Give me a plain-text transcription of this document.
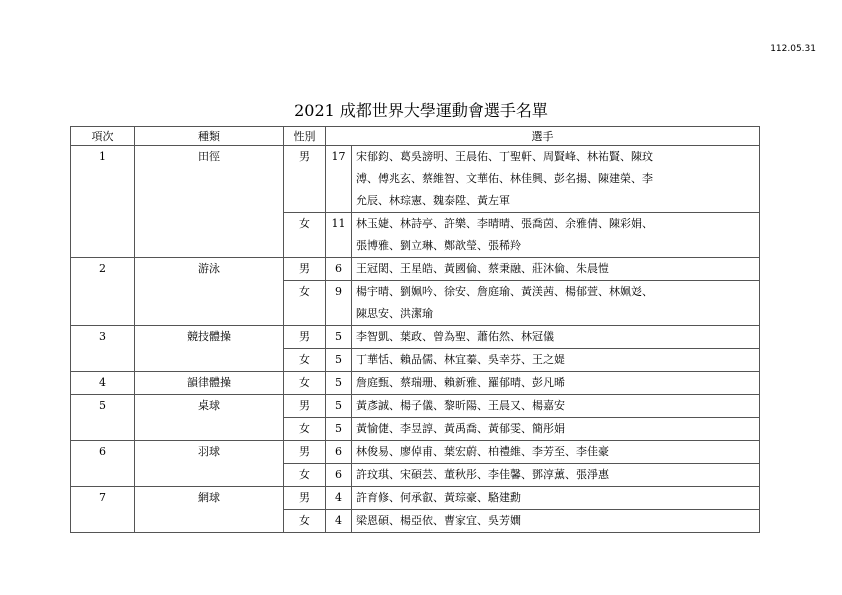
112.05.31
2021 成都世界大學運動會選手名單
項次	種類	性別	選手	
1	田徑	男	17	宋郁鈞、葛吳謗明、王晨佑、丁聖軒、周賢峰、林祐賢、陳玟
溥、傅兆玄、蔡維智、文華佑、林佳興、彭名揚、陳建榮、李
允辰、林琮憲、魏泰陞、黃左軍

		女	11	林玉婕、林詩亭、許樂、李晴晴、張喬茵、余雅倩、陳彩娟、
張博雅、劉立琳、鄭歆瑩、張稀羚

2	游泳	男	6	王冠閎、王星皓、黃國倫、蔡秉融、莊沐倫、朱晨愷

		女	9	楊宇晴、劉姵吟、徐安、詹庭瑜、黃渼茜、楊郁萱、林姵彣、
陳思安、洪潔瑜

3	競技體操	男	5	李智凱、葉政、曾為聖、蕭佑然、林冠儀

		女	5	丁華恬、賴品儒、林宜蓁、吳幸芬、王之媞

4	韻律體操	女	5	詹庭甄、蔡瑞珊、賴新雅、羅郁晴、彭凡晞

5	桌球	男	5	黃彥誠、楊子儀、黎昕陽、王晨又、楊嘉安

		女	5	黃愉倢、李昱諄、黃禹喬、黃郁雯、簡彤娟

6	羽球	男	6	林俊易、廖倬甫、葉宏蔚、柏禮維、李芳至、李佳豪

		女	6	許玟琪、宋碩芸、董秋彤、李佳馨、鄧淳薰、張淨惠

7	網球	男	4	許育修、何承叡、黃琮豪、駱建勳

		女	4	梁恩碩、楊亞依、曹家宜、吳芳嫺
